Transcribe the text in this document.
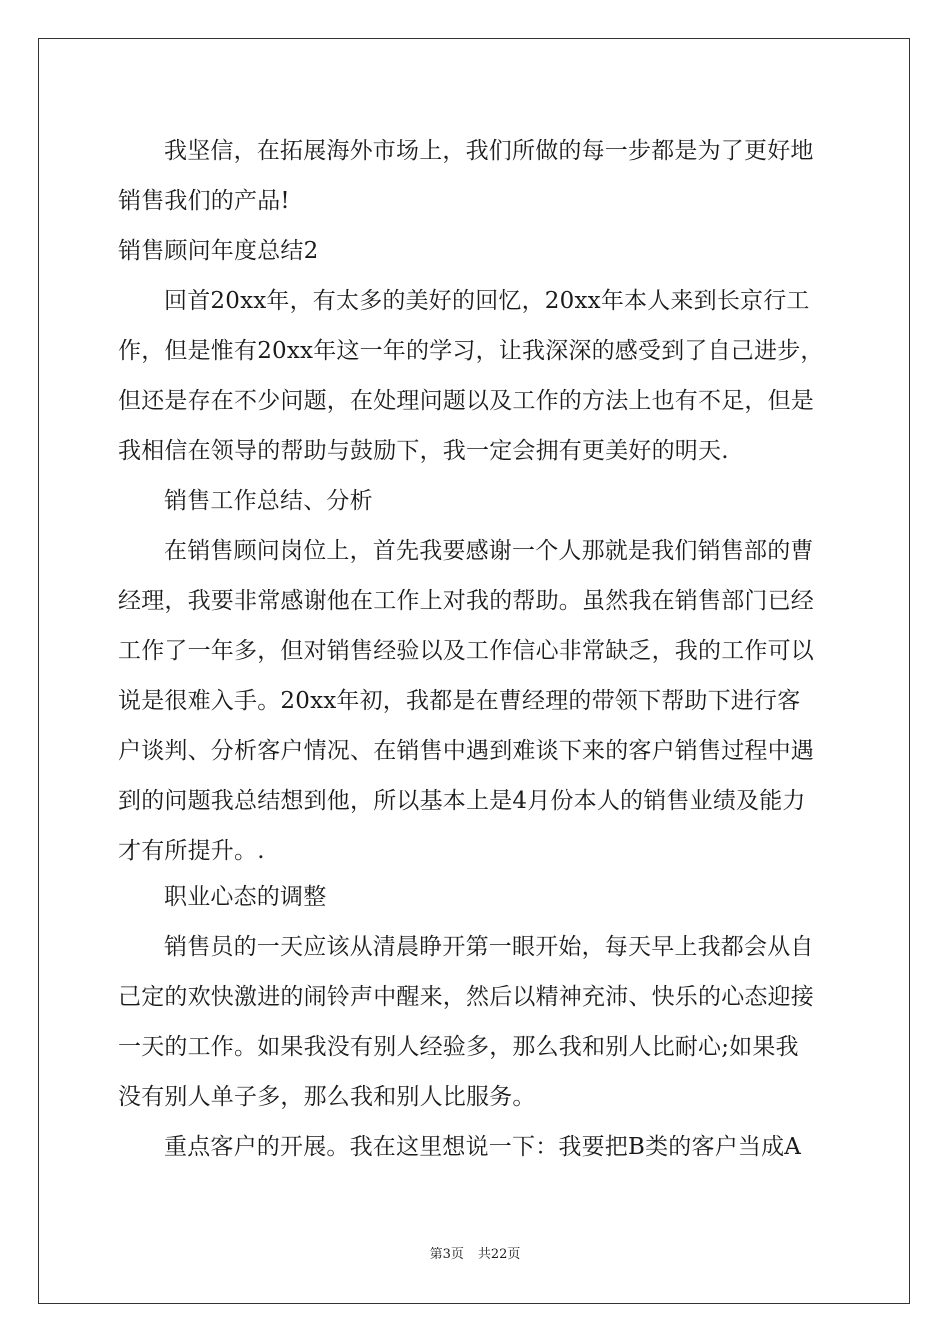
我坚信，在拓展海外市场上，我们所做的每一步都是为了更好地
销售我们的产品!
销售顾问年度总结2
回首20xx年，有太多的美好的回忆，20xx年本人来到长京行工
作，但是惟有20xx年这一年的学习，让我深深的感受到了自己进步，
但还是存在不少问题，在处理问题以及工作的方法上也有不足，但是
我相信在领导的帮助与鼓励下，我一定会拥有更美好的明天.
销售工作总结、分析
在销售顾问岗位上，首先我要感谢一个人那就是我们销售部的曹
经理，我要非常感谢他在工作上对我的帮助。虽然我在销售部门已经
工作了一年多，但对销售经验以及工作信心非常缺乏，我的工作可以
说是很难入手。20xx年初，我都是在曹经理的带领下帮助下进行客
户谈判、分析客户情况、在销售中遇到难谈下来的客户销售过程中遇
到的问题我总结想到他，所以基本上是4月份本人的销售业绩及能力
才有所提升。.
职业心态的调整
销售员的一天应该从清晨睁开第一眼开始，每天早上我都会从自
己定的欢快激进的闹铃声中醒来，然后以精神充沛、快乐的心态迎接
一天的工作。如果我没有别人经验多，那么我和别人比耐心;如果我
没有别人单子多，那么我和别人比服务。
重点客户的开展。我在这里想说一下：我要把B类的客户当成A
第3页 共22页
